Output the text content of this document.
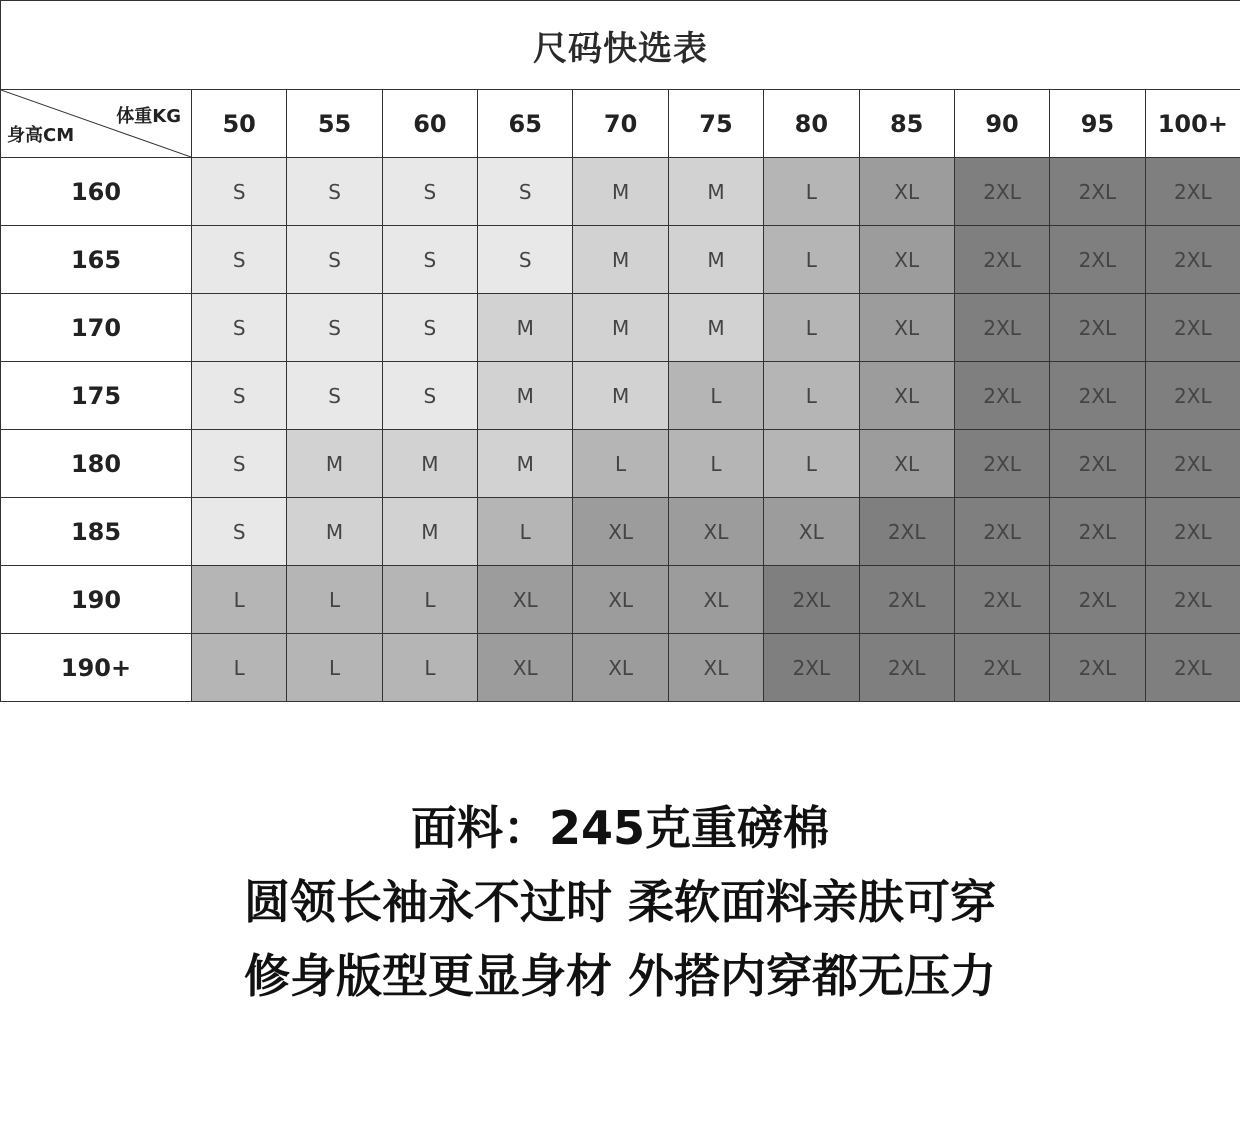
尺码快选表											

体重KG
身高CM	50	55	60	65	70	75	80	85	90	95	100+
160	S	S	S	S	M	M	L	XL	2XL	2XL	2XL
165	S	S	S	S	M	M	L	XL	2XL	2XL	2XL
170	S	S	S	M	M	M	L	XL	2XL	2XL	2XL
175	S	S	S	M	M	L	L	XL	2XL	2XL	2XL
180	S	M	M	M	L	L	L	XL	2XL	2XL	2XL
185	S	M	M	L	XL	XL	XL	2XL	2XL	2XL	2XL
190	L	L	L	XL	XL	XL	2XL	2XL	2XL	2XL	2XL
190+	L	L	L	XL	XL	XL	2XL	2XL	2XL	2XL	2XL
面料：245克重磅棉
圆领长袖永不过时 柔软面料亲肤可穿
修身版型更显身材 外搭内穿都无压力
